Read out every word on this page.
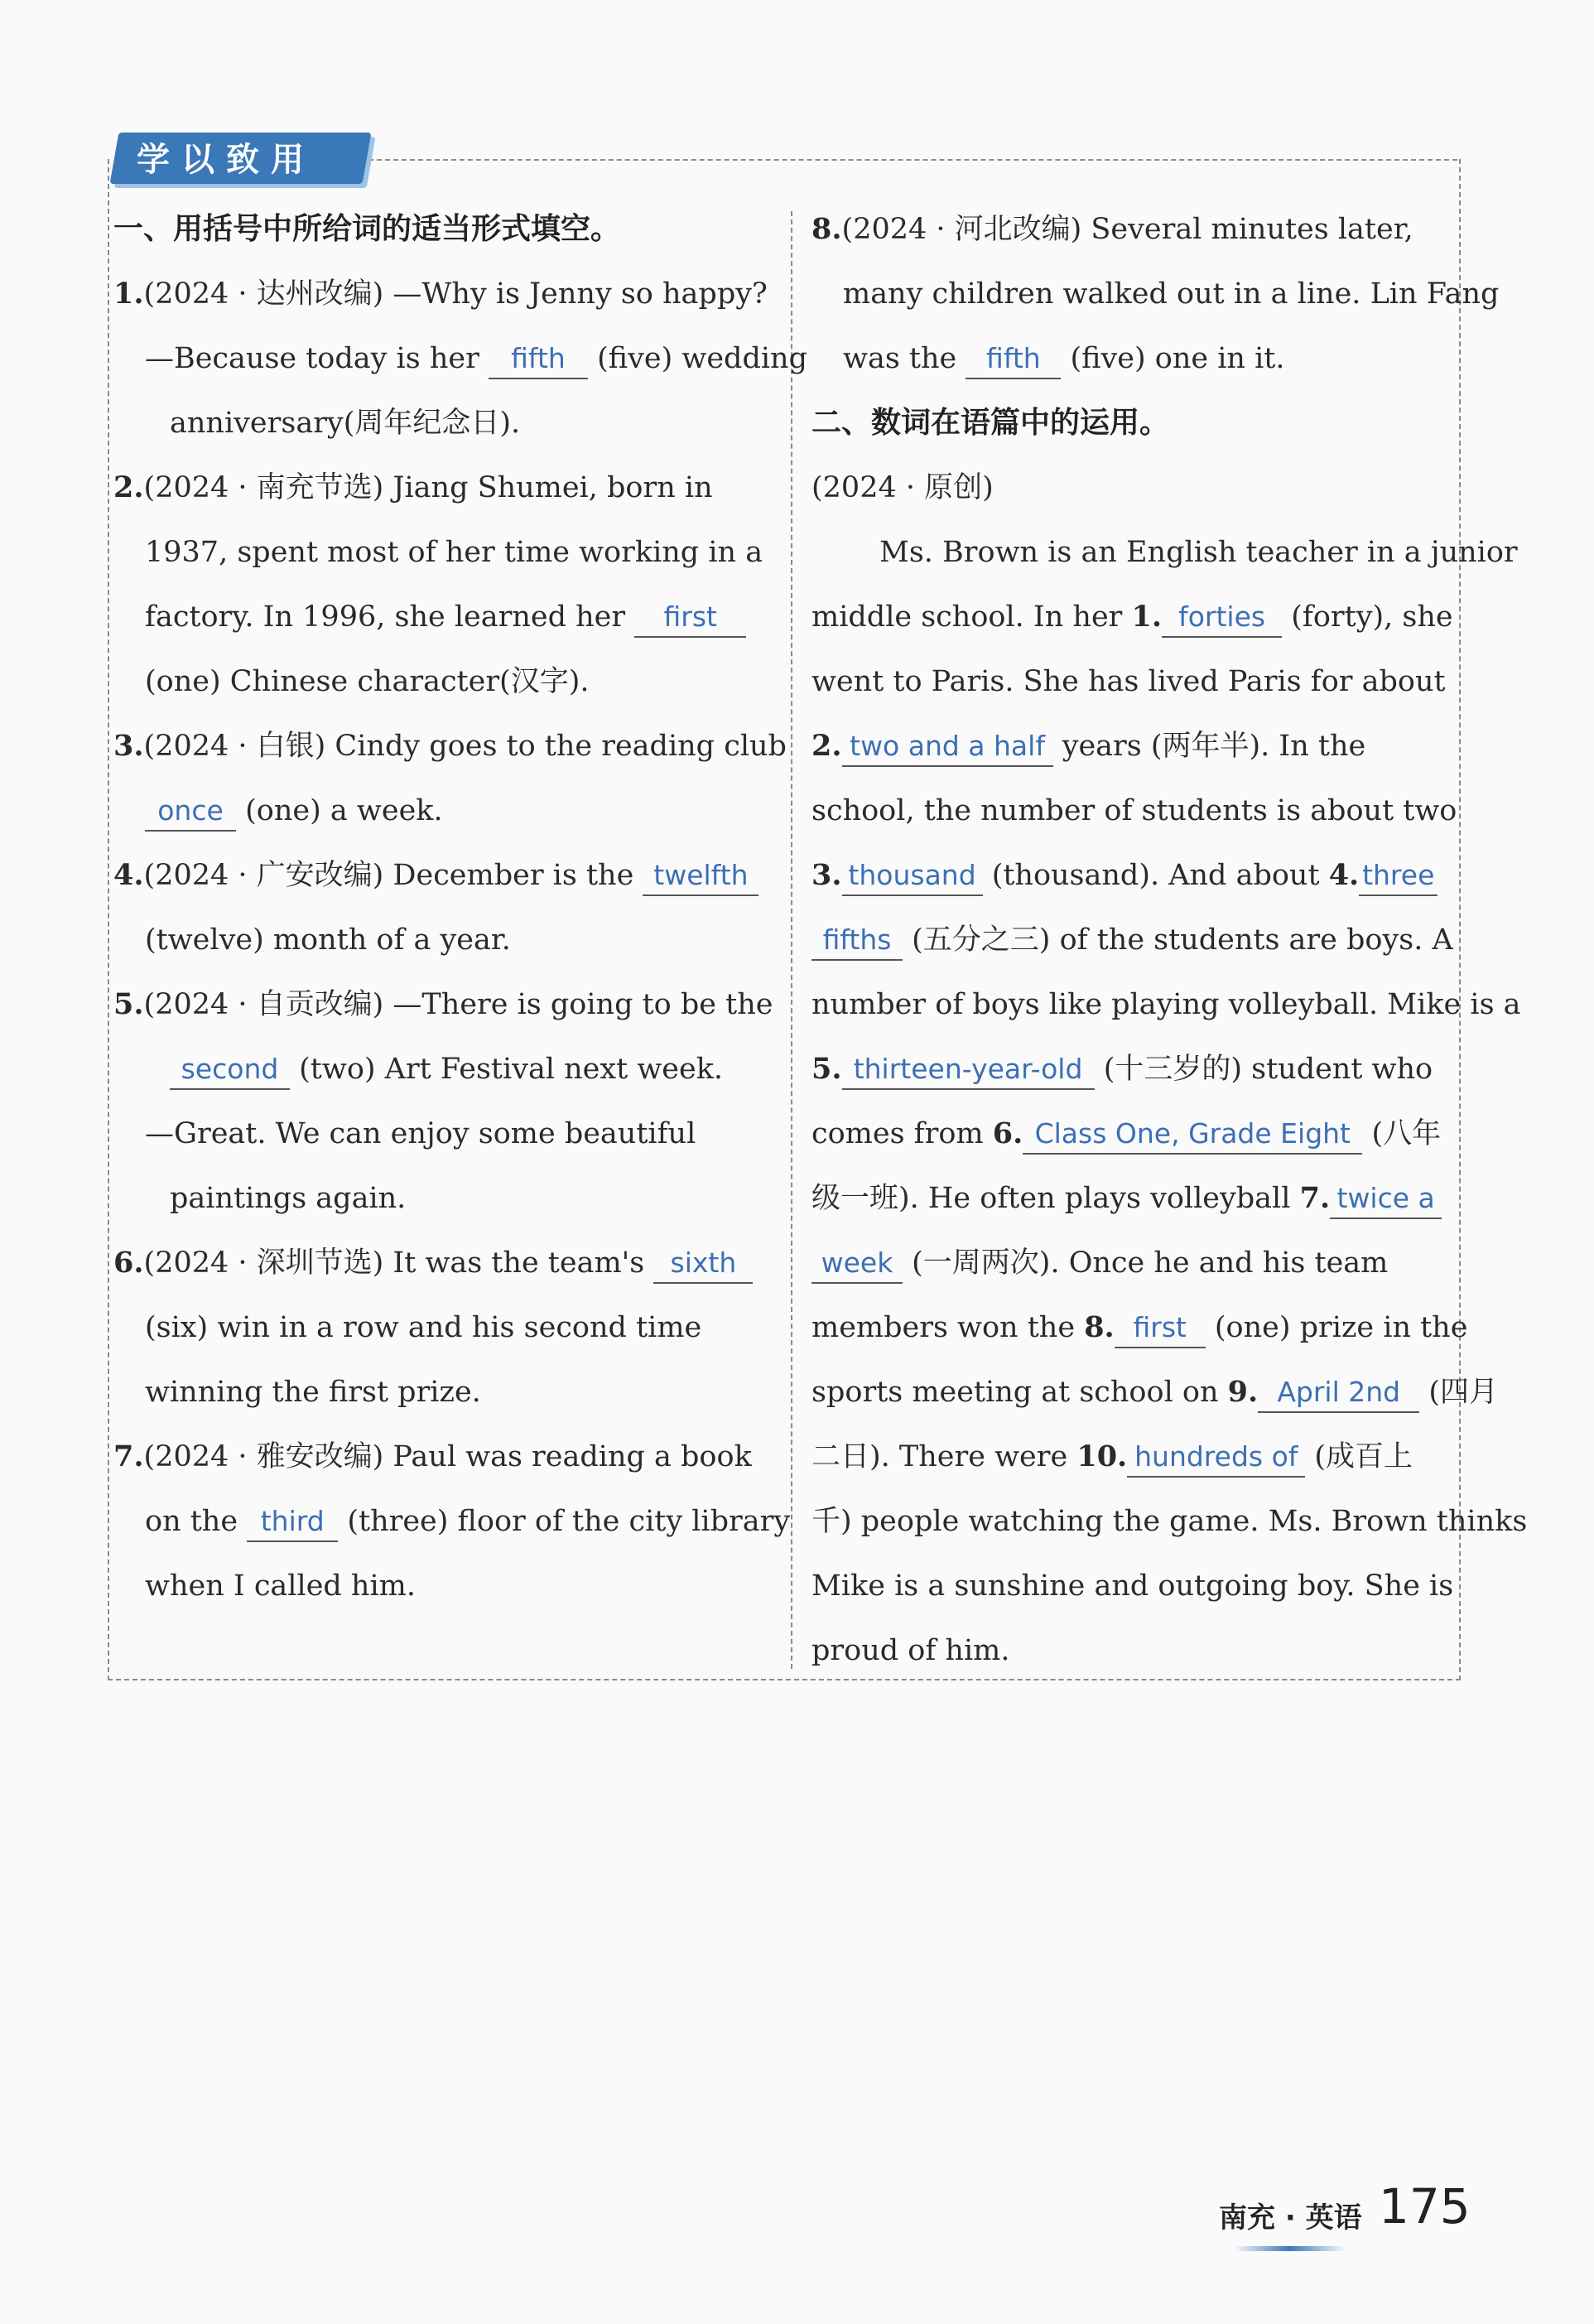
学以致用
一、用括号中所给词的适当形式填空。
1.(2024 · 达州改编) —Why is Jenny so happy?
—Because today is her fifth (five) wedding
anniversary(周年纪念日).
2.(2024 · 南充节选) Jiang Shumei, born in
1937, spent most of her time working in a
factory. In 1996, she learned her first
(one) Chinese character(汉字).
3.(2024 · 白银) Cindy goes to the reading club
once (one) a week.
4.(2024 · 广安改编) December is the twelfth
(twelve) month of a year.
5.(2024 · 自贡改编) —There is going to be the
second (two) Art Festival next week.
—Great. We can enjoy some beautiful
paintings again.
6.(2024 · 深圳节选) It was the team's sixth
(six) win in a row and his second time
winning the first prize.
7.(2024 · 雅安改编) Paul was reading a book
on the third (three) floor of the city library
when I called him.
8.(2024 · 河北改编) Several minutes later,
many children walked out in a line. Lin Fang
was the fifth (five) one in it.
二、数词在语篇中的运用。
(2024 · 原创)
Ms. Brown is an English teacher in a junior
middle school. In her 1. forties (forty), she
went to Paris. She has lived Paris for about
2. two and a half years (两年半). In the
school, the number of students is about two
3. thousand (thousand). And about 4. three
fifths (五分之三) of the students are boys. A
number of boys like playing volleyball. Mike is a
5. thirteen-year-old (十三岁的) student who
comes from 6. Class One, Grade Eight (八年
级一班). He often plays volleyball 7. twice a
week (一周两次). Once he and his team
members won the 8. first (one) prize in the
sports meeting at school on 9. April 2nd (四月
二日). There were 10. hundreds of (成百上
千) people watching the game. Ms. Brown thinks
Mike is a sunshine and outgoing boy. She is
proud of him.
南充 · 英语 175
